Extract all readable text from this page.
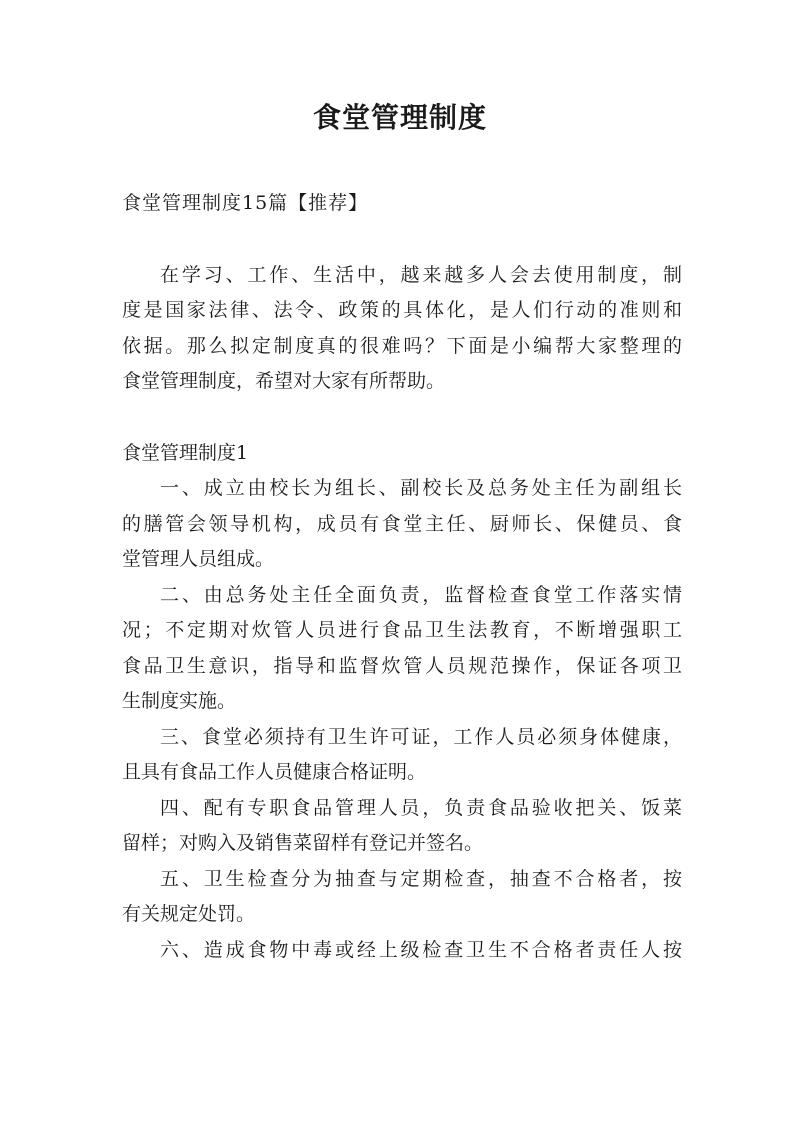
食堂管理制度

食堂管理制度15篇【推荐】

在学习、工作、生活中，越来越多人会去使用制度，制

度是国家法律、法令、政策的具体化，是人们行动的准则和

依据。那么拟定制度真的很难吗？下面是小编帮大家整理的

食堂管理制度，希望对大家有所帮助。

食堂管理制度1

一、成立由校长为组长、副校长及总务处主任为副组长

的膳管会领导机构，成员有食堂主任、厨师长、保健员、食

堂管理人员组成。

二、由总务处主任全面负责，监督检查食堂工作落实情

况；不定期对炊管人员进行食品卫生法教育，不断增强职工

食品卫生意识，指导和监督炊管人员规范操作，保证各项卫

生制度实施。

三、食堂必须持有卫生许可证，工作人员必须身体健康，

且具有食品工作人员健康合格证明。

四、配有专职食品管理人员，负责食品验收把关、饭菜

留样；对购入及销售菜留样有登记并签名。

五、卫生检查分为抽查与定期检查，抽查不合格者，按

有关规定处罚。

六、造成食物中毒或经上级检查卫生不合格者责任人按
